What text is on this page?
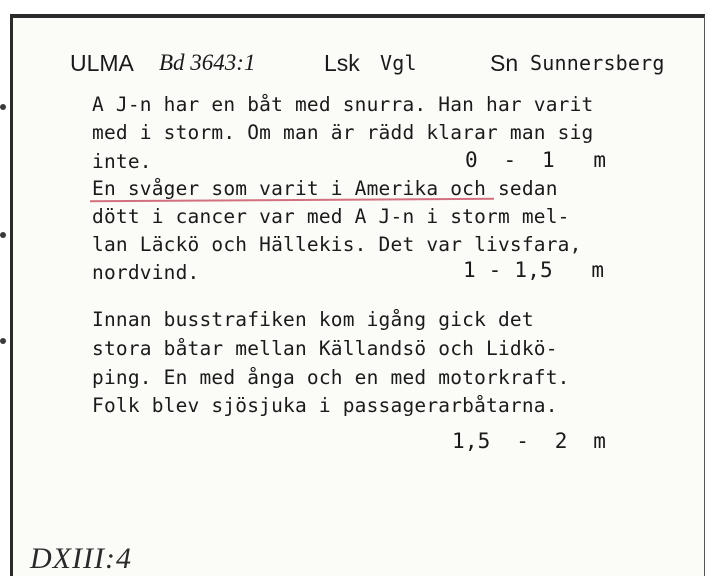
ULMA Bd 3643:1	Lsk Vgl	Sn Sunnersberg
A J-n har en båt med snurra. Han har varit
med i storm. Om man är rädd klarar man sig
inte.	0  -  1   m
En svåger som varit i Amerika och sedan
dött i cancer var med A J-n i storm mel-
lan Läckö och Hällekis. Det var livsfara,
nordvind.	1 - 1,5   m
Innan busstrafiken kom igång gick det
stora båtar mellan Källandsö och Lidkö-
ping. En med ånga och en med motorkraft.
Folk blev sjösjuka i passagerarbåtarna.
1,5  -  2  m
DXIII:4
